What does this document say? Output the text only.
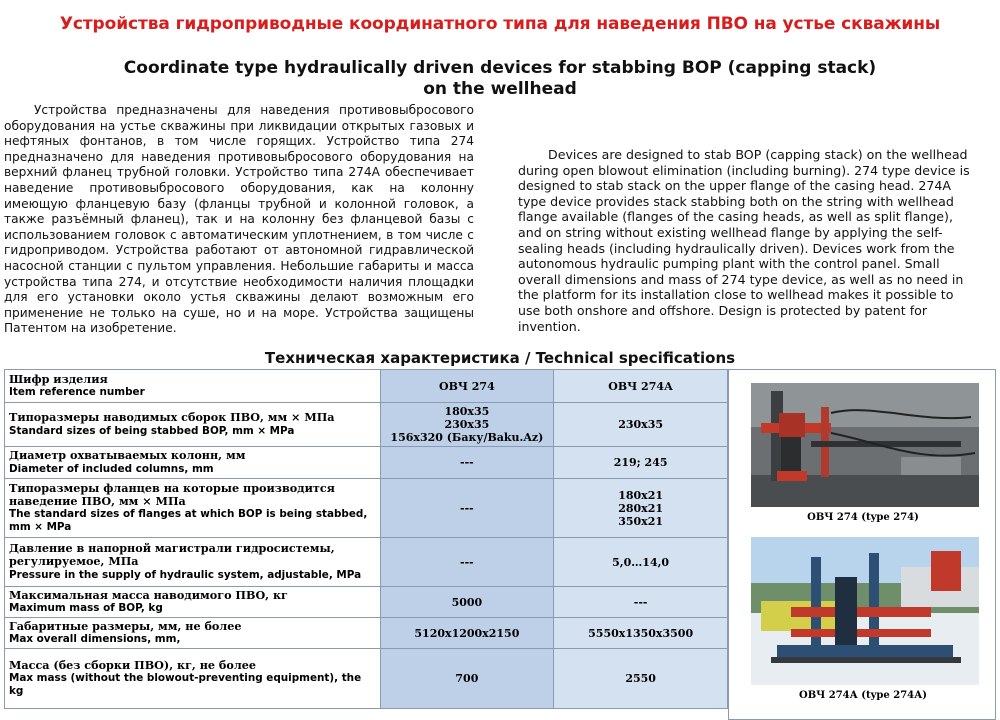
Устройства гидроприводные координатного типа для наведения ПВО на устье скважины
Coordinate type hydraulically driven devices for stabbing BOP (capping stack)
on the wellhead

Устройства предназначены для наведения противовыбросового оборудования на устье скважины при ликвидации открытых газовых и нефтяных фонтанов, в том числе горящих. Устройство типа 274 предназначено для наведения противовыбросового оборудования на верхний фланец трубной головки. Устройство типа 274А обеспечивает наведение противовыбросового оборудования, как на колонну имеющую фланцевую базу (фланцы трубной и колонной головок, а также разъёмный фланец), так и на колонну без фланцевой базы с использованием головок с автоматическим уплотнением, в том числе с гидроприводом. Устройства работают от автономной гидравлической насосной станции с пультом управления. Небольшие габариты и масса устройства типа 274, и отсутствие необходимости наличия площадки для его установки около устья скважины делают возможным его применение не только на суше, но и на море. Устройства защищены Патентом на изобретение.

Devices are designed to stab BOP (capping stack) on the wellhead during open blowout elimination (including burning). 274 type device is designed to stab stack on the upper flange of the casing head. 274A type device provides stack stabbing both on the string with wellhead flange available (flanges of the casing heads, as well as split flange), and on string without existing wellhead flange by applying the self-sealing heads (including hydraulically driven). Devices work from the autonomous hydraulic pumping plant with the control panel. Small overall dimensions and mass of 274 type device, as well as no need in the platform for its installation close to wellhead makes it possible to use both onshore and offshore. Design is protected by patent for invention.

Техническая характеристика / Technical specifications
Шифр изделия
Item reference number	ОВЧ 274	ОВЧ 274А

Типоразмеры наводимых сборок ПВО, мм × МПа
Standard sizes of being stabbed BOP, mm × MPa	180x35
230x35
156x320 (Баку/Baku.Az)	230x35

Диаметр охватываемых колонн, мм
Diameter of included columns, mm	---	219; 245

Типоразмеры фланцев на которые производится наведение ПВО, мм × МПа
The standard sizes of flanges at which BOP is being stabbed, mm × MPa	---	180x21
280x21
350x21

Давление в напорной магистрали гидросистемы, регулируемое, МПа
Pressure in the supply of hydraulic system, adjustable, MPa	---	5,0…14,0

Максимальная масса наводимого ПВО, кг
Maximum mass of BOP, kg	5000	---

Габаритные размеры, мм, не более
Max overall dimensions, mm,	5120x1200x2150	5550x1350x3500

Масса (без сборки ПВО), кг, не более
Max mass (without the blowout-preventing equipment), the kg	700	2550
ОВЧ 274 (type 274)
ОВЧ 274А (type 274А)
